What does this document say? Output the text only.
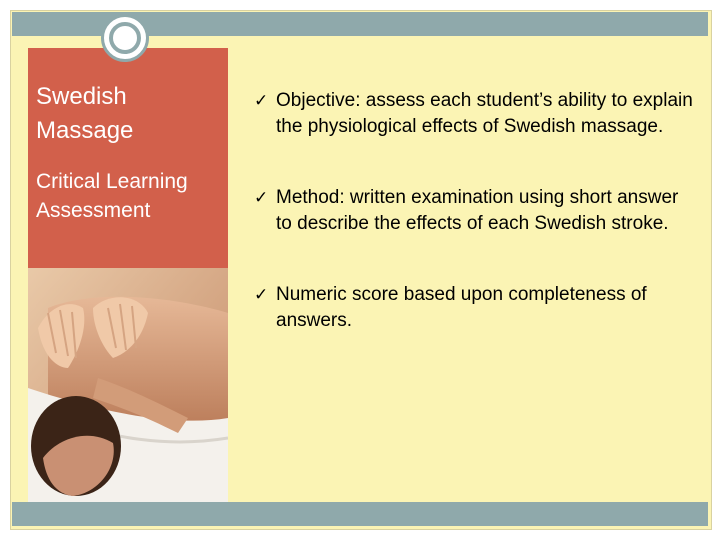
Swedish
Massage
Critical Learning
Assessment
✓ Objective: assess each student’s ability to explain the physiological effects of Swedish massage.
✓ Method: written examination using short answer to describe the effects of each Swedish stroke.
✓ Numeric score based upon completeness of answers.
